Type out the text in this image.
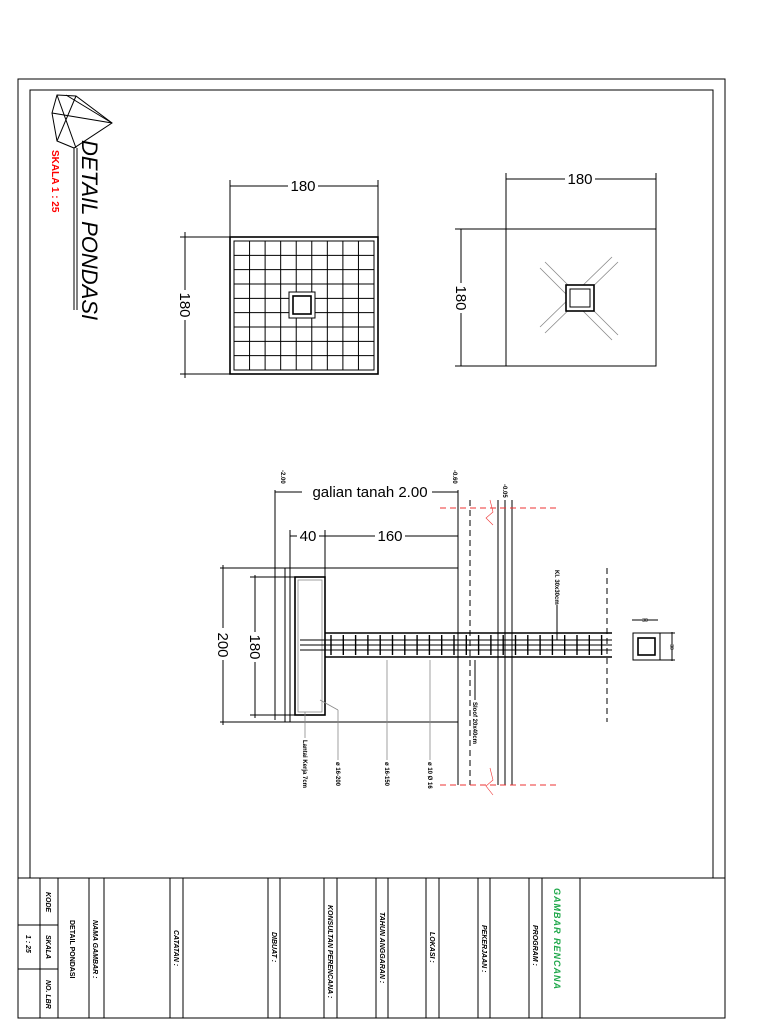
DETAIL PONDASI
SKALA 1 : 25	180
180
180
180
galian tanah 2.00
-2.00	-0.60
-0.05
40	160
200 180
Lantai Kerja 7cm	ø 16-200	ø 16-150	ø 10 Ø 16
Sloof 20x40cm
Kl. 30x30cm
30
30
KODE
SKALA
1 : 25
NO. LBR
DETAIL PONDASI NAMA GAMBAR :	CATATAN :	DIBUAT :	KONSULTAN PERENCANA :	TAHUN ANGGARAN :	LOKASI :	PEKERJAAN :	PROGRAM : GAMBAR RENCANA
